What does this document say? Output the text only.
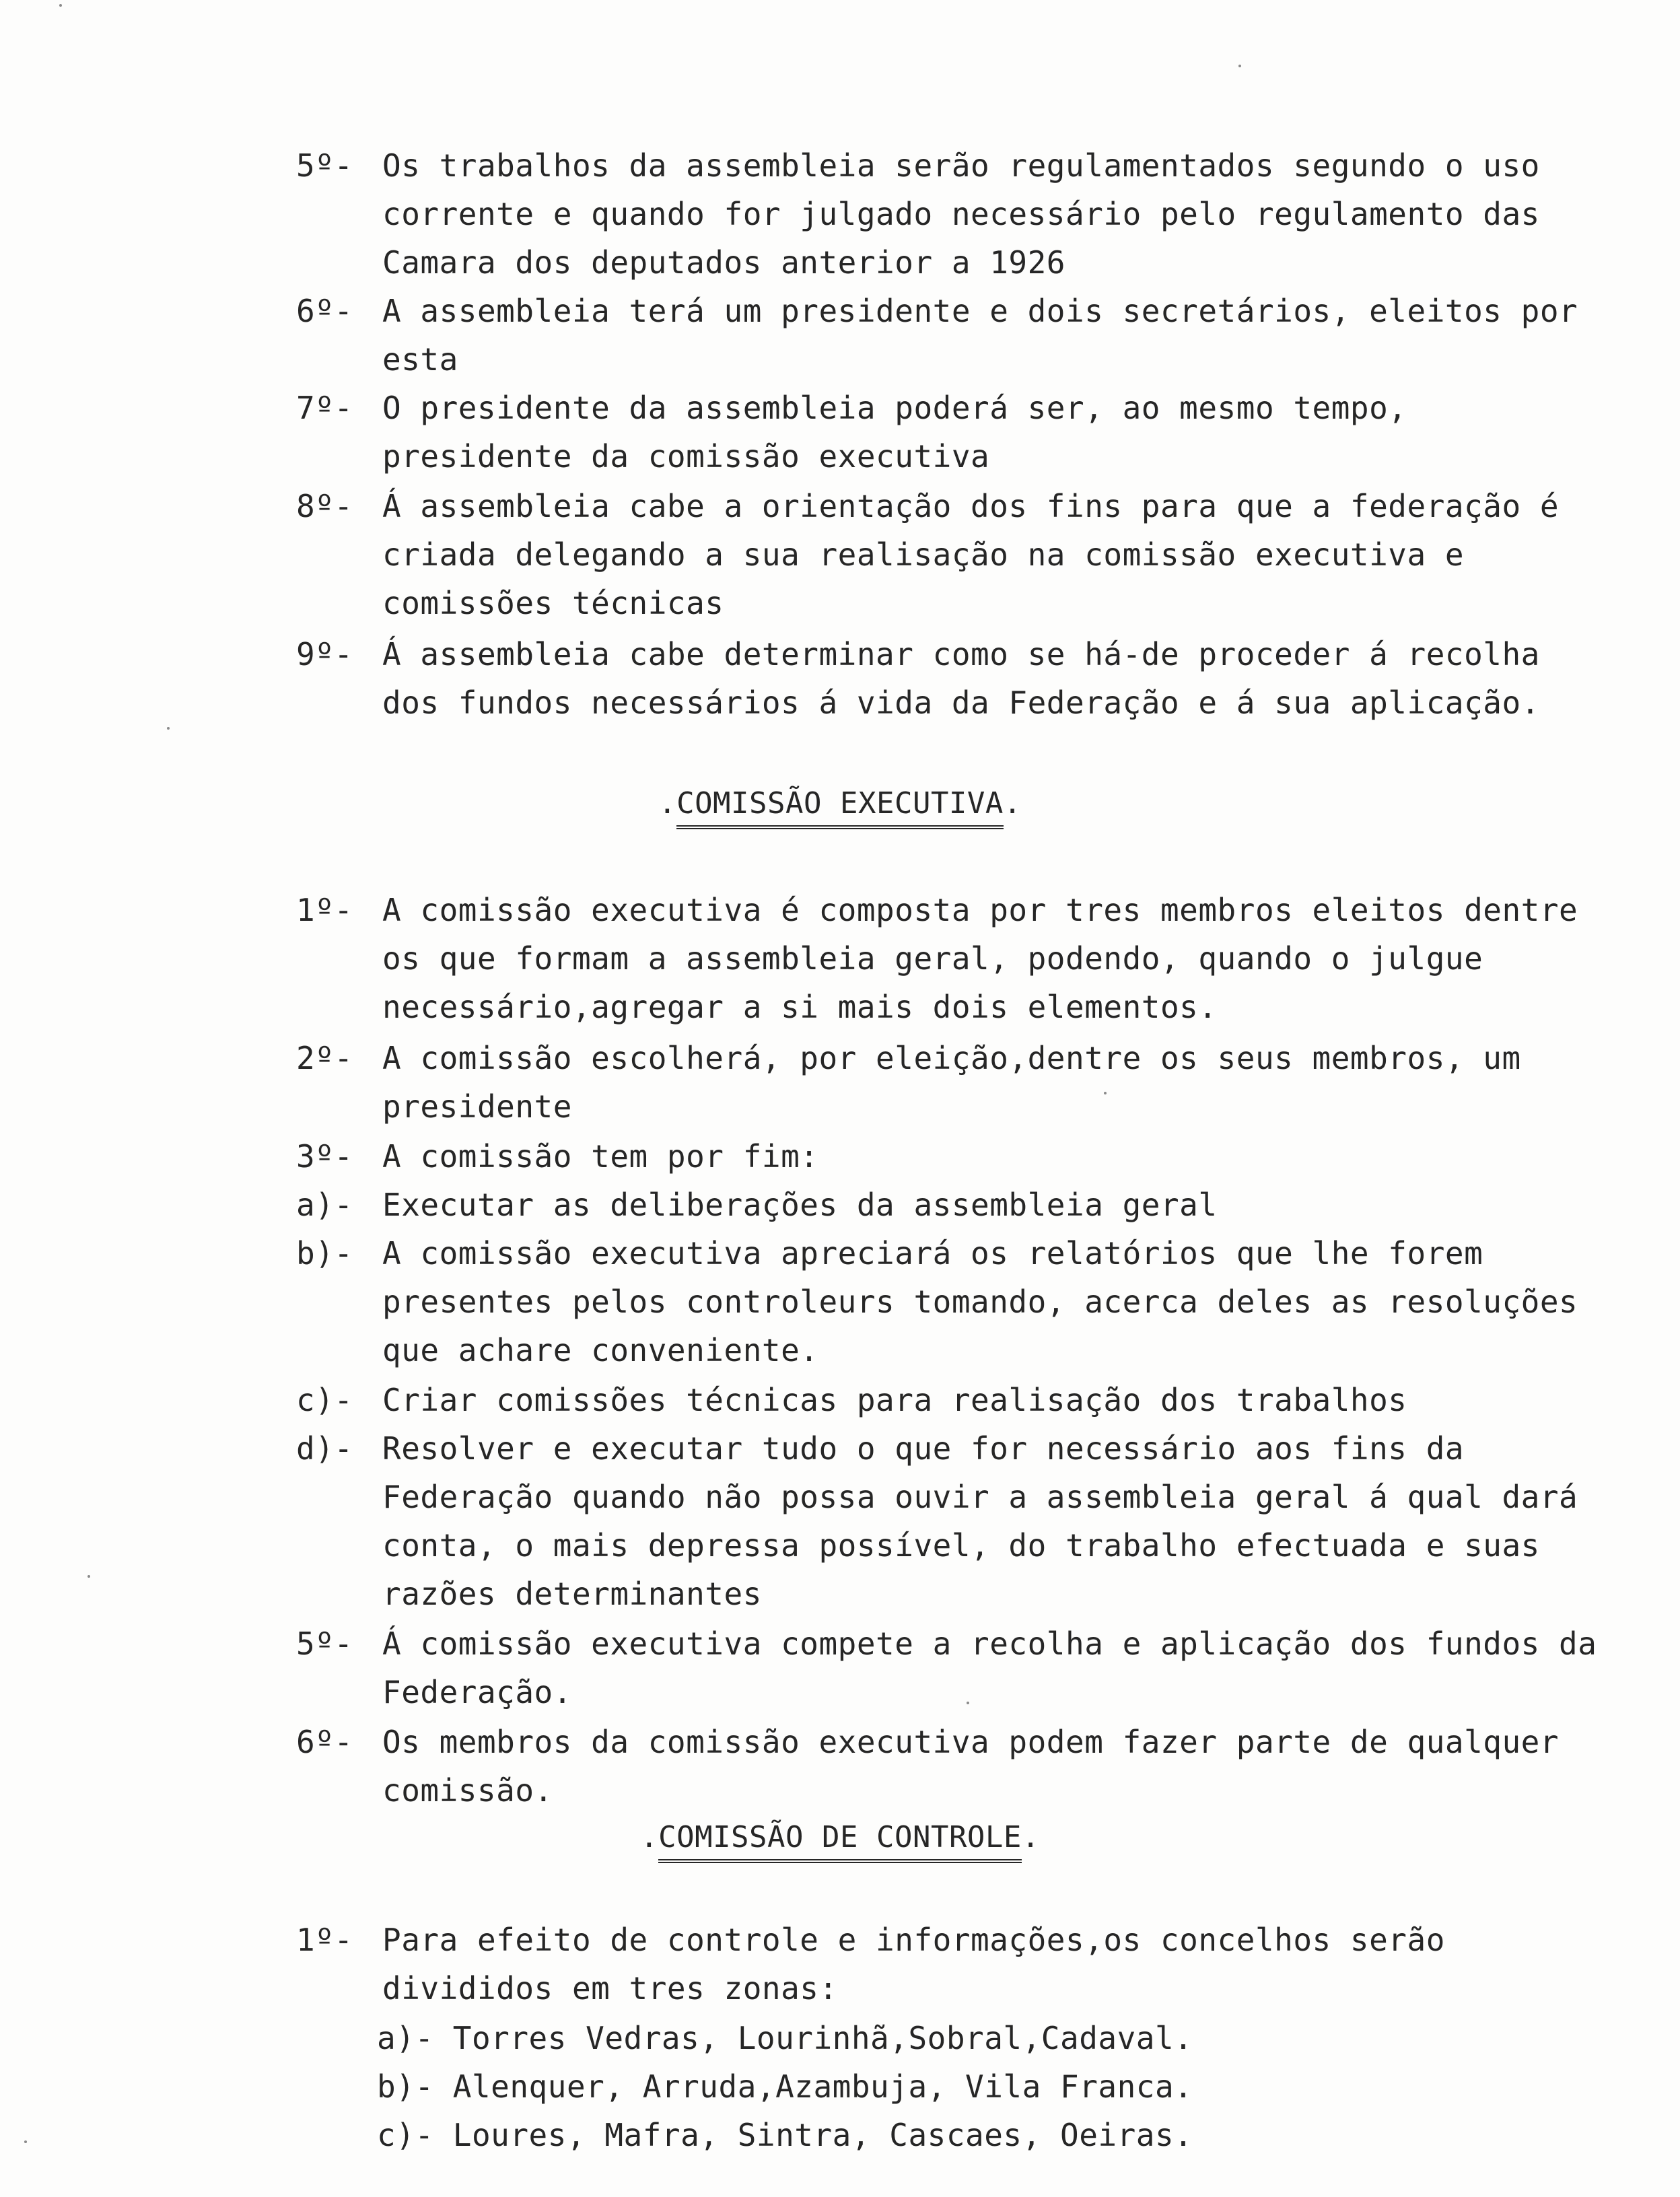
5º- Os trabalhos da assembleia serão regulamentados segundo o uso corrente e quando for julgado necessário pelo regulamento das Camara dos deputados anterior a 1926
6º- A assembleia terá um presidente e dois secretários, eleitos por esta
7º- O presidente da assembleia poderá ser, ao mesmo tempo, presidente da comissão executiva
8º- Á assembleia cabe a orientação dos fins para que a federação é criada delegando a sua realisação na comissão executiva e comissões técnicas
9º- Á assembleia cabe determinar como se há-de proceder á recolha dos fundos necessários á vida da Federação e á sua aplicação.
.COMISSÃO EXECUTIVA.
1º- A comissão executiva é composta por tres membros eleitos dentre os que formam a assembleia geral, podendo, quando o julgue necessário,agregar a si mais dois elementos.
2º- A comissão escolherá, por eleição,dentre os seus membros, um presidente
3º- A comissão tem por fim:
a)- Executar as deliberações da assembleia geral
b)- A comissão executiva apreciará os relatórios que lhe forem presentes pelos controleurs tomando, acerca deles as resoluções que achare conveniente.
c)- Criar comissões técnicas para realisação dos trabalhos
d)- Resolver e executar tudo o que for necessário aos fins da Federação quando não possa ouvir a assembleia geral á qual dará conta, o mais depressa possível, do trabalho efectuada e suas razões determinantes
5º- Á comissão executiva compete a recolha e aplicação dos fundos da Federação.
6º- Os membros da comissão executiva podem fazer parte de qualquer comissão.
.COMISSÃO DE CONTROLE.
1º- Para efeito de controle e informações,os concelhos serão divididos em tres zonas:
a)- Torres Vedras, Lourinhã,Sobral,Cadaval.
b)- Alenquer, Arruda,Azambuja, Vila Franca.
c)- Loures, Mafra, Sintra, Cascaes, Oeiras.
